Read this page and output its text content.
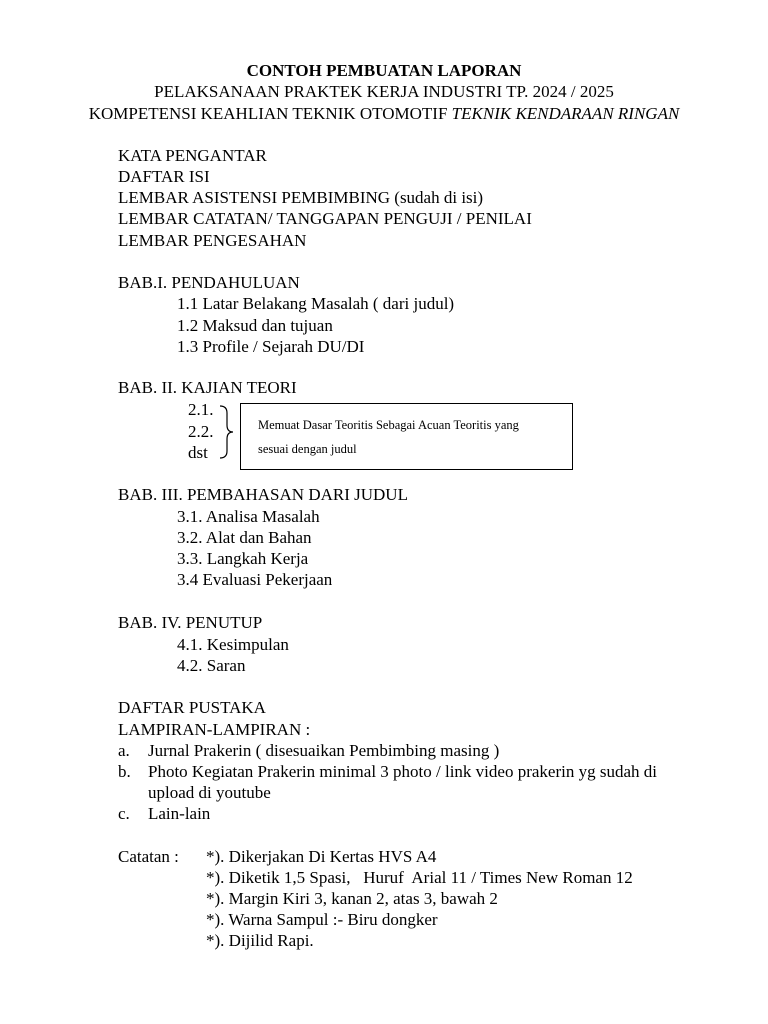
CONTOH PEMBUATAN LAPORAN
PELAKSANAAN PRAKTEK KERJA INDUSTRI TP. 2024 / 2025
KOMPETENSI KEAHLIAN TEKNIK OTOMOTIF TEKNIK KENDARAAN RINGAN
KATA PENGANTAR
DAFTAR ISI
LEMBAR ASISTENSI PEMBIMBING (sudah di isi)
LEMBAR CATATAN/ TANGGAPAN PENGUJI / PENILAI
LEMBAR PENGESAHAN
BAB.I. PENDAHULUAN
1.1 Latar Belakang Masalah ( dari judul)
1.2 Maksud dan tujuan
1.3 Profile / Sejarah DU/DI
BAB. II. KAJIAN TEORI
2.1.
2.2.
dst
Memuat Dasar Teoritis Sebagai Acuan Teoritis yang
sesuai dengan judul
BAB. III. PEMBAHASAN DARI JUDUL
3.1. Analisa Masalah
3.2. Alat dan Bahan
3.3. Langkah Kerja
3.4 Evaluasi Pekerjaan
BAB. IV. PENUTUP
4.1. Kesimpulan
4.2. Saran
DAFTAR PUSTAKA
LAMPIRAN-LAMPIRAN :
a. Jurnal Prakerin ( disesuaikan Pembimbing masing )
b. Photo Kegiatan Prakerin minimal 3 photo / link video prakerin yg sudah di
upload di youtube
c. Lain-lain
Catatan : *). Dikerjakan Di Kertas HVS A4
*). Diketik 1,5 Spasi,   Huruf  Arial 11 / Times New Roman 12
*). Margin Kiri 3, kanan 2, atas 3, bawah 2
*). Warna Sampul :- Biru dongker
*). Dijilid Rapi.
